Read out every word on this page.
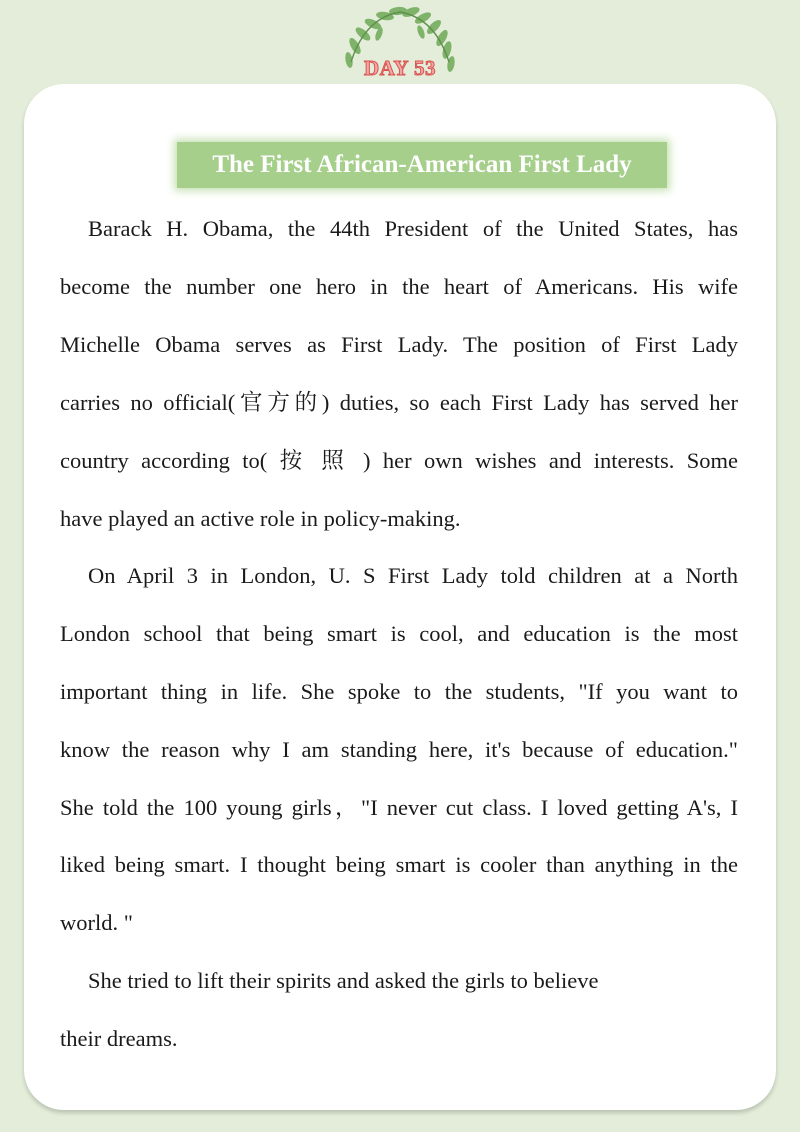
DAY 53
The First African-American First Lady
Barack H. Obama, the 44th President of the United States, has
become the number one hero in the heart of Americans. His wife
Michelle Obama serves as First Lady. The position of First Lady
carries no official(官方的) duties, so each First Lady has served her
country according to( 按 照 ) her own wishes and interests. Some
have played an active role in policy-making.
On April 3 in London, U. S First Lady told children at a North
London school that being smart is cool, and education is the most
important thing in life. She spoke to the students, "If you want to
know the reason why I am standing here, it's because of education."
She told the 100 young girls，"I never cut class. I loved getting A's, I
liked being smart. I thought being smart is cooler than anything in the
world. "
She tried to lift their spirits and asked the girls to believe
their dreams.
